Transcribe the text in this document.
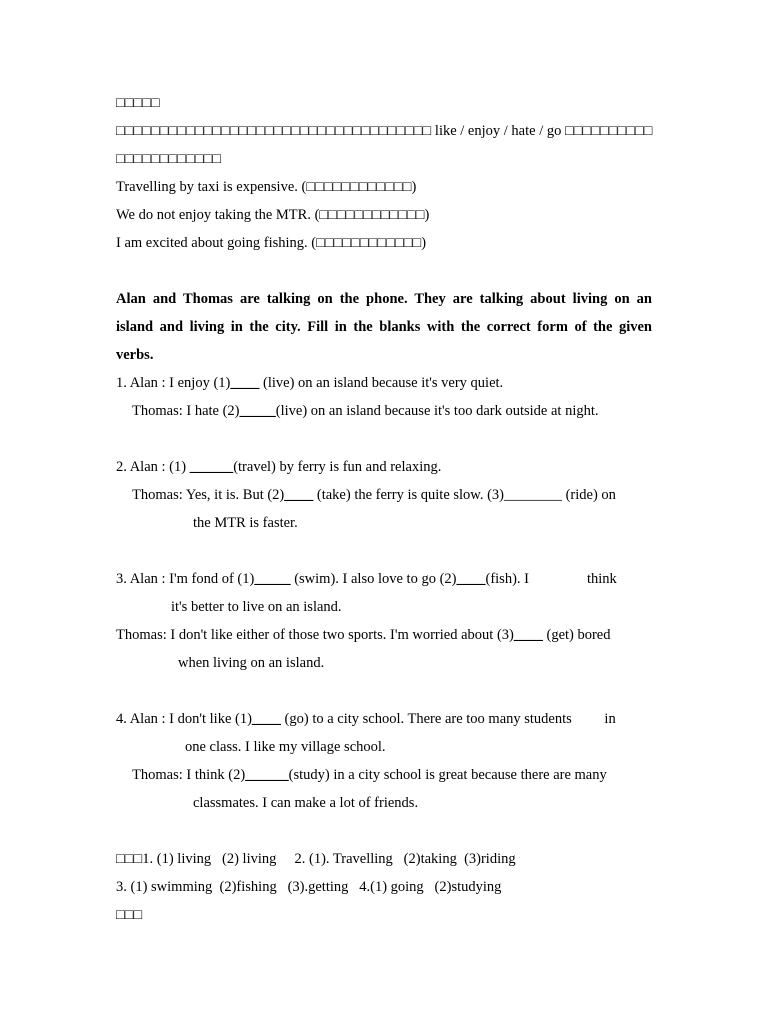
□□□□□
□□□□□□□□□□□□□□□□□□□□□□□□□□□□□□□□□□□□ like / enjoy / hate / go □□□□□□□□□□
□□□□□□□□□□□□
Travelling by taxi is expensive. (□□□□□□□□□□□□)
We do not enjoy taking the MTR. (□□□□□□□□□□□□)
I am excited about going fishing. (□□□□□□□□□□□□)
Alan and Thomas are talking on the phone. They are talking about living on an
island and living in the city. Fill in the blanks with the correct form of the given
verbs.
1. Alan : I enjoy (1)____ (live) on an island because it's very quiet.
Thomas: I hate (2)_____(live) on an island because it's too dark outside at night.
2. Alan : (1) ______(travel) by ferry is fun and relaxing.
Thomas: Yes, it is. But (2)____ (take) the ferry is quite slow. (3)________ (ride) on
the MTR is faster.
3. Alan : I'm fond of (1)_____ (swim). I also love to go (2)____(fish). I                think
it's better to live on an island.
Thomas: I don't like either of those two sports. I'm worried about (3)____ (get) bored
when living on an island.
4. Alan : I don't like (1)____ (go) to a city school. There are too many students         in
one class. I like my village school.
Thomas: I think (2)______(study) in a city school is great because there are many
classmates. I can make a lot of friends.
□□□1. (1) living   (2) living     2. (1). Travelling   (2)taking  (3)riding
3. (1) swimming  (2)fishing   (3).getting   4.(1) going   (2)studying
□□□
